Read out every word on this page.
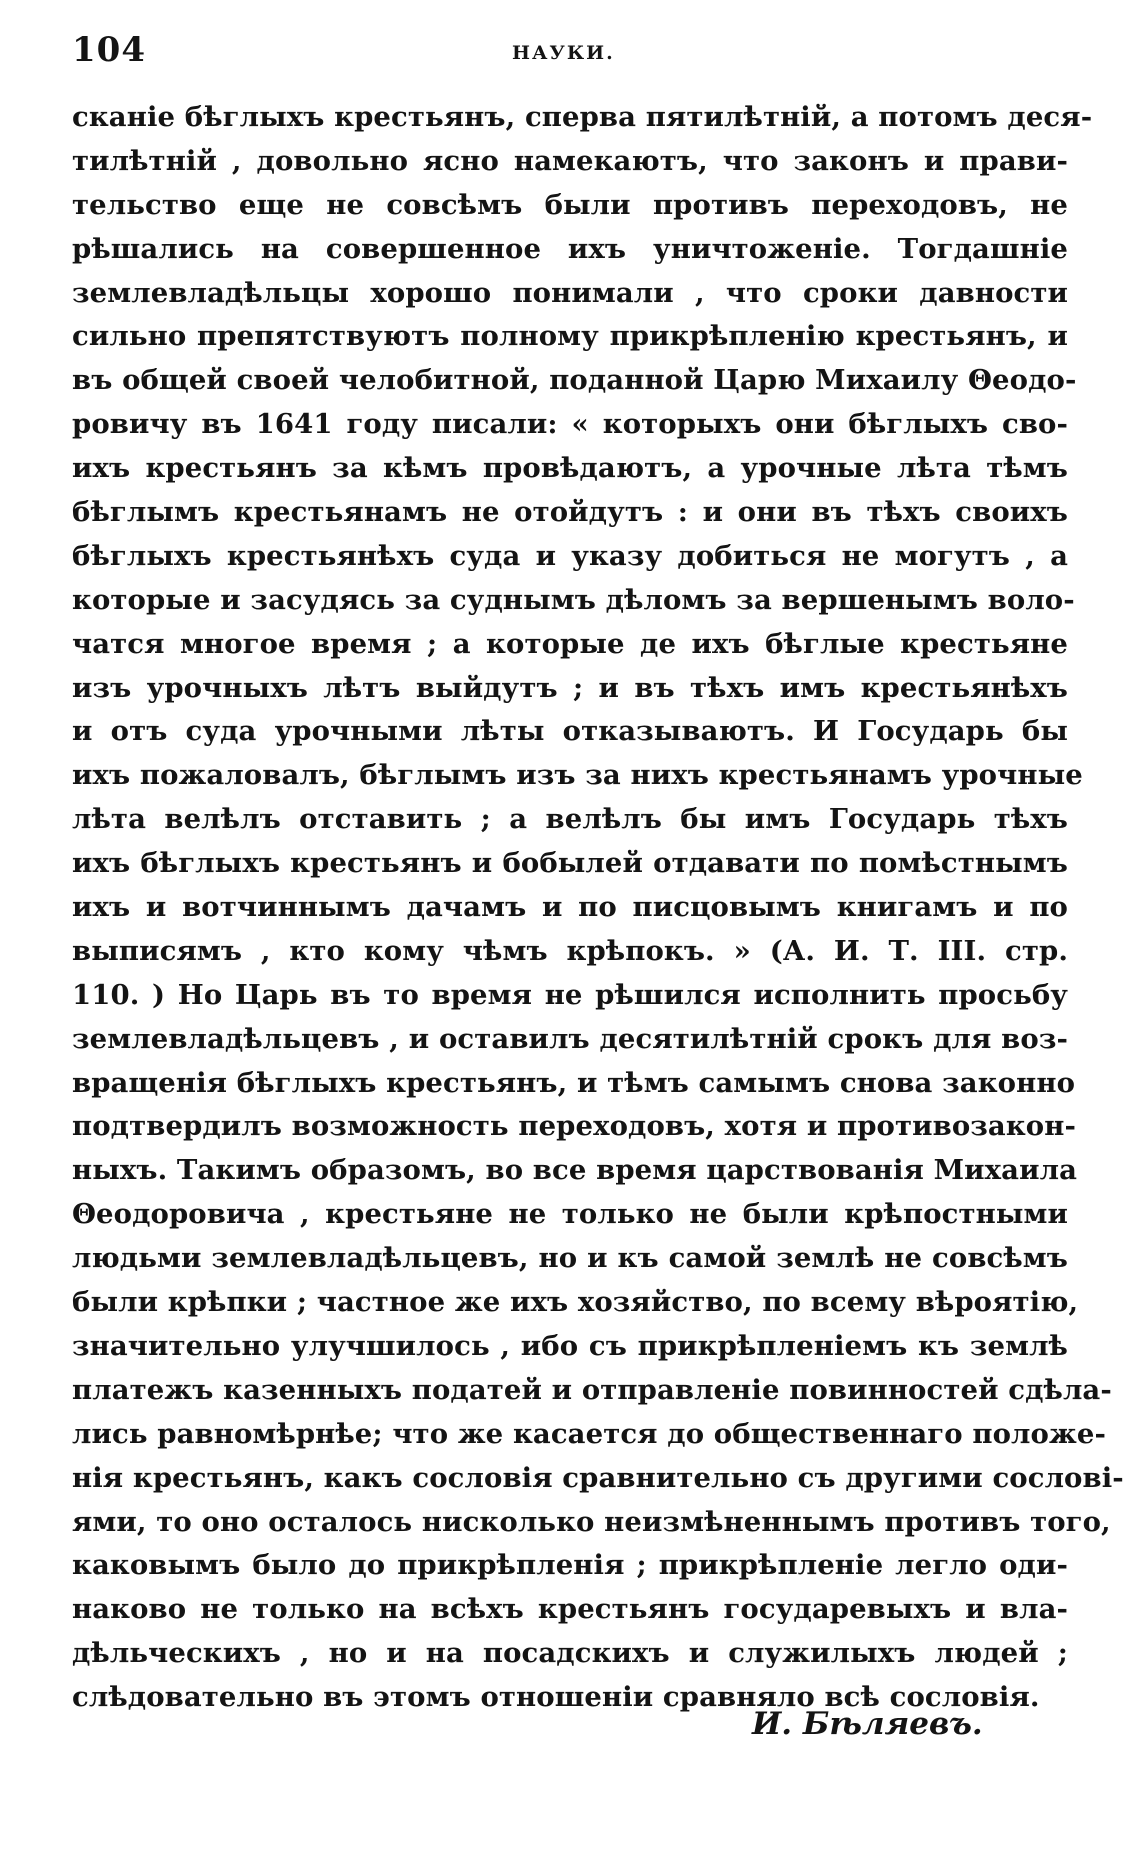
104	НАУКИ.
сканіе бѣглыхъ крестьянъ, сперва пятилѣтній, а потомъ деся-
тилѣтній , довольно ясно намекаютъ, что законъ и прави-
тельство еще не совсѣмъ были противъ переходовъ, не
рѣшались на совершенное ихъ уничтоженіе. Тогдашніе
землевладѣльцы хорошо понимали , что сроки давности
сильно препятствуютъ полному прикрѣпленію крестьянъ, и
въ общей своей челобитной, поданной Царю Михаилу Θеодо-
ровичу въ 1641 году писали: « которыхъ они бѣглыхъ сво-
ихъ крестьянъ за кѣмъ провѣдаютъ, а урочные лѣта тѣмъ
бѣглымъ крестьянамъ не отойдутъ : и они въ тѣхъ своихъ
бѣглыхъ крестьянѣхъ суда и указу добиться не могутъ , а
которые и засудясь за суднымъ дѣломъ за вершенымъ воло-
чатся многое время ; а которые де ихъ бѣглые крестьяне
изъ урочныхъ лѣтъ выйдутъ ; и въ тѣхъ имъ крестьянѣхъ
и отъ суда урочными лѣты отказываютъ. И Государь бы
ихъ пожаловалъ, бѣглымъ изъ за нихъ крестьянамъ урочные
лѣта велѣлъ отставить ; а велѣлъ бы имъ Государь тѣхъ
ихъ бѣглыхъ крестьянъ и бобылей отдавати по помѣстнымъ
ихъ и вотчиннымъ дачамъ и по писцовымъ книгамъ и по
выписямъ , кто кому чѣмъ крѣпокъ. » (А. И. Т. III. стр.
110. ) Но Царь въ то время не рѣшился исполнить просьбу
землевладѣльцевъ , и оставилъ десятилѣтній срокъ для воз-
вращенія бѣглыхъ крестьянъ, и тѣмъ самымъ снова законно
подтвердилъ возможность переходовъ, хотя и противозакон-
ныхъ. Такимъ образомъ, во все время царствованія Михаила
Θеодоровича , крестьяне не только не были крѣпостными
людьми землевладѣльцевъ, но и къ самой землѣ не совсѣмъ
были крѣпки ; частное же ихъ хозяйство, по всему вѣроятію,
значительно улучшилось , ибо съ прикрѣпленіемъ къ землѣ
платежъ казенныхъ податей и отправленіе повинностей сдѣла-
лись равномѣрнѣе; что же касается до общественнаго положе-
нія крестьянъ, какъ сословія сравнительно съ другими сослові-
ями, то оно осталось нисколько неизмѣненнымъ противъ того,
каковымъ было до прикрѣпленія ; прикрѣпленіе легло оди-
наково не только на всѣхъ крестьянъ государевыхъ и вла-
дѣльческихъ , но и на посадскихъ и служилыхъ людей ;
слѣдовательно въ этомъ отношеніи сравняло всѣ сословія.
И. Бѣляевъ.
